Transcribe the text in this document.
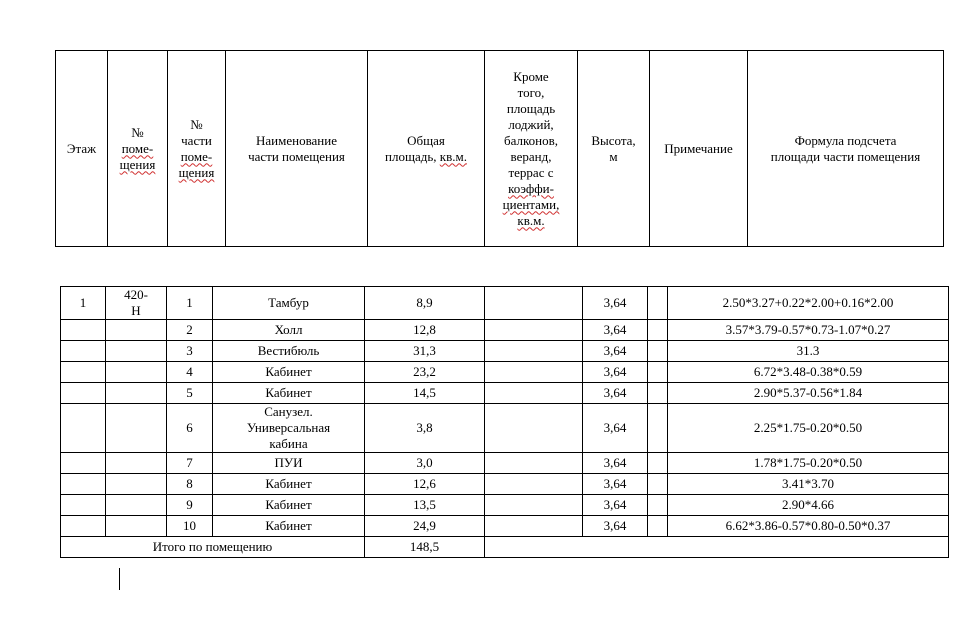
Этаж	№
поме-
щения	№
части
поме-
щения	Наименование
части помещения	Общая
площадь, кв.м.	Кроме
того,
площадь
лоджий,
балконов,
веранд,
террас с
коэффи-
циентами,
кв.м.	Высота,
м	Примечание	Формула подсчета
площади части помещения
1	420-
Н	1	Тамбур	8,9		3,64		2.50*3.27+0.22*2.00+0.16*2.00
		2	Холл	12,8		3,64		3.57*3.79-0.57*0.73-1.07*0.27
		3	Вестибюль	31,3		3,64		31.3
		4	Кабинет	23,2		3,64		6.72*3.48-0.38*0.59
		5	Кабинет	14,5		3,64		2.90*5.37-0.56*1.84
		6	Санузел.
Универсальная
кабина	3,8		3,64		2.25*1.75-0.20*0.50
		7	ПУИ	3,0		3,64		1.78*1.75-0.20*0.50
		8	Кабинет	12,6		3,64		3.41*3.70
		9	Кабинет	13,5		3,64		2.90*4.66
		10	Кабинет	24,9		3,64		6.62*3.86-0.57*0.80-0.50*0.37
Итого по помещению				148,5				
